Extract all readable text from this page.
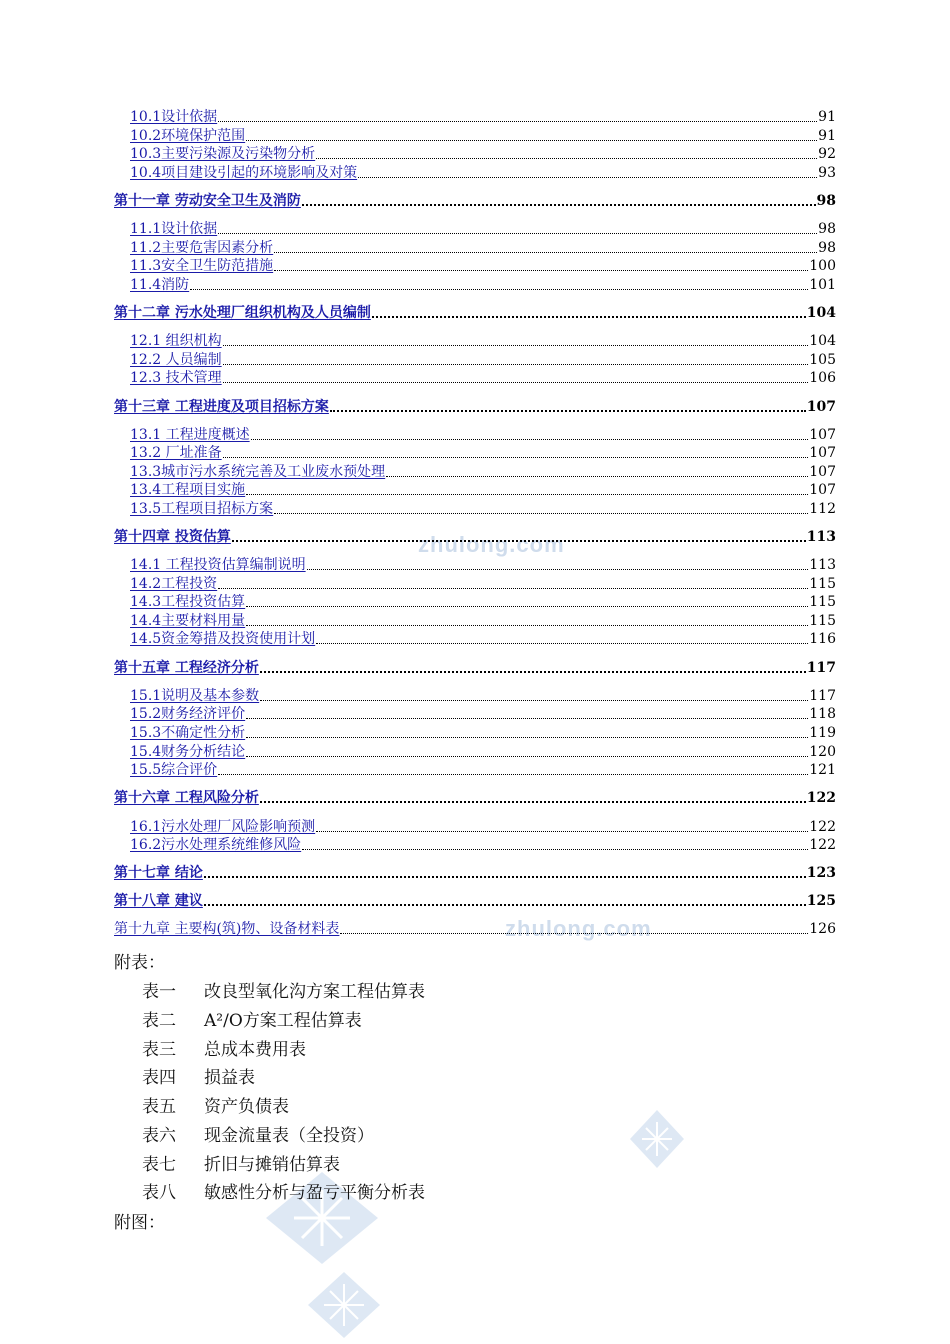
zhulong.com
zhulong.com
10.1设计依据	91
10.2环境保护范围	91
10.3主要污染源及污染物分析	92
10.4项目建设引起的环境影响及对策	93
第十一章 劳动安全卫生及消防	98
11.1设计依据	98
11.2主要危害因素分析	98
11.3安全卫生防范措施	100
11.4消防	101
第十二章 污水处理厂组织机构及人员编制	104
12.1 组织机构	104
12.2 人员编制	105
12.3 技术管理	106
第十三章 工程进度及项目招标方案	107
13.1 工程进度概述	107
13.2 厂址准备	107
13.3城市污水系统完善及工业废水预处理	107
13.4工程项目实施	107
13.5工程项目招标方案	112
第十四章 投资估算	113
14.1 工程投资估算编制说明	113
14.2工程投资	115
14.3工程投资估算	115
14.4主要材料用量	115
14.5资金筹措及投资使用计划	116
第十五章 工程经济分析	117
15.1说明及基本参数	117
15.2财务经济评价	118
15.3不确定性分析	119
15.4财务分析结论	120
15.5综合评价	121
第十六章 工程风险分析	122
16.1污水处理厂风险影响预测	122
16.2污水处理系统维修风险	122
第十七章 结论	123
第十八章 建议	125
第十九章 主要构(筑)物、设备材料表	126
附表：
表一	改良型氧化沟方案工程估算表
表二	A²/O方案工程估算表
表三	总成本费用表
表四	损益表
表五	资产负债表
表六	现金流量表（全投资）
表七	折旧与摊销估算表
表八	敏感性分析与盈亏平衡分析表
附图：
